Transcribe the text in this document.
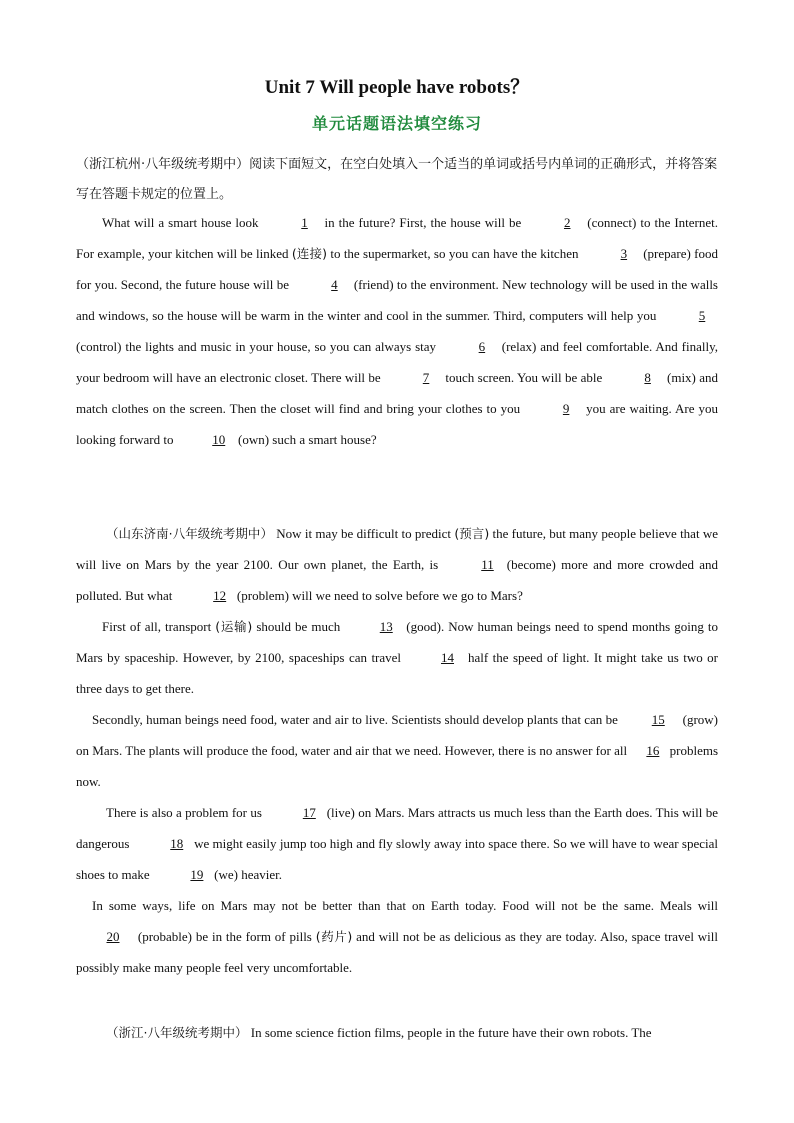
Unit 7 Will people have robots？
单元话题语法填空练习
（浙江杭州·八年级统考期中）阅读下面短文，在空白处填入一个适当的单词或括号内单词的正确形式，并将答案写在答题卡规定的位置上。

What will a smart house look	1 in the future? First, the house will be	2 (connect) to the Internet. For example, your kitchen will be linked (连接) to the supermarket, so you can have the kitchen	3 (prepare) food for you. Second, the future house will be	4 (friend) to the environment. New technology will be used in the walls and windows, so the house will be warm in the winter and cool in the summer. Third, computers will help you	5 (control) the lights and music in your house, so you can always stay	6 (relax) and feel comfortable. And finally, your bedroom will have an electronic closet. There will be	7 touch screen. You will be able	8 (mix) and match clothes on the screen. Then the closet will find and bring your clothes to you	9 you are waiting. Are you looking forward to	10 (own) such a smart house?

（山东济南·八年级统考期中） Now it may be difficult to predict (预言) the future, but many people believe that we will live on Mars by the year 2100. Our own planet, the Earth, is	11 (become) more and more crowded and polluted. But what	12 (problem) will we need to solve before we go to Mars?

First of all, transport (运输) should be much	13 (good). Now human beings need to spend months going to Mars by spaceship. However, by 2100, spaceships can travel	14 half the speed of light. It might take us two or three days to get there.

Secondly, human beings need food, water and air to live. Scientists should develop plants that can be	15 (grow) on Mars. The plants will produce the food, water and air that we need. However, there is no answer for all 16 problems now.

There is also a problem for us	17 (live) on Mars. Mars attracts us much less than the Earth does. This will be dangerous	18 we might easily jump too high and fly slowly away into space there. So we will have to wear special shoes to make	19 (we) heavier.

In some ways, life on Mars may not be better than that on Earth today. Food will not be the same. Meals will 20 (probable) be in the form of pills (药片) and will not be as delicious as they are today. Also, space travel will possibly make many people feel very uncomfortable.

（浙江·八年级统考期中） In some science fiction films, people in the future have their own robots. The
